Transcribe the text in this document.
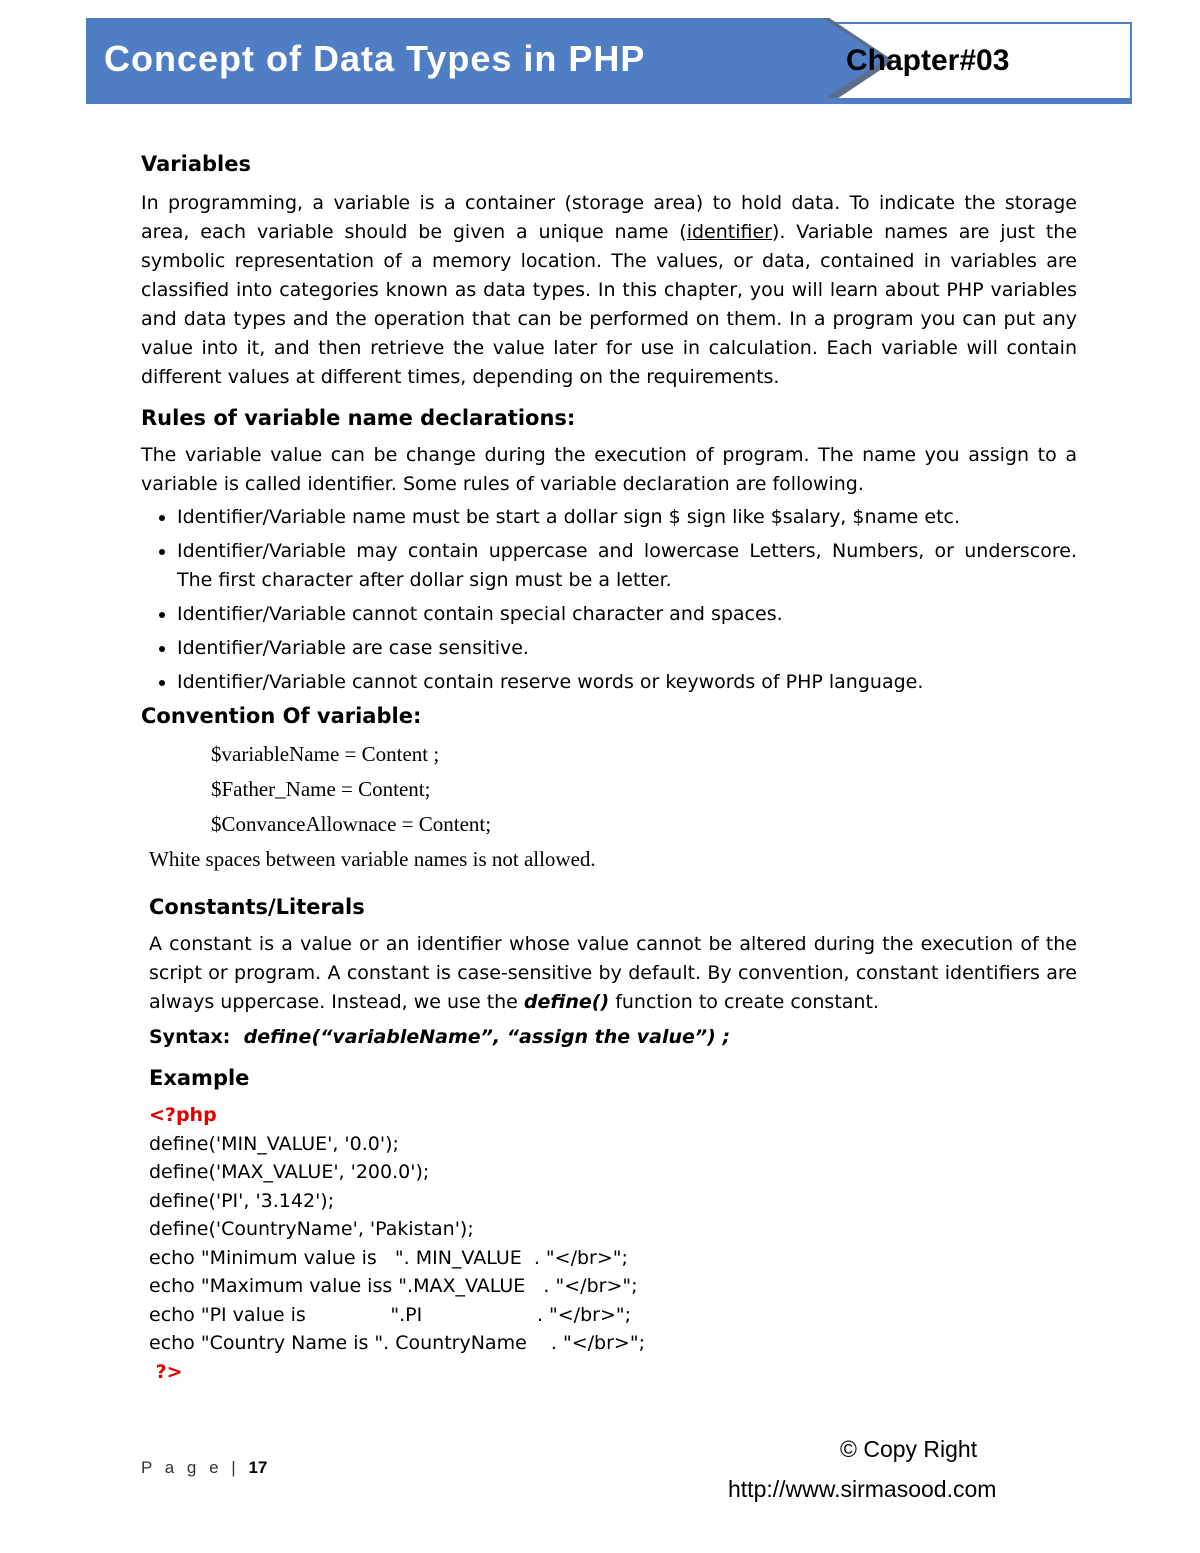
Concept of Data Types in PHP	Chapter#03

Variables

In programming, a variable is a container (storage area) to hold data. To indicate the storage area, each variable should be given a unique name (identifier). Variable names are just the symbolic representation of a memory location. The values, or data, contained in variables are classified into categories known as data types. In this chapter, you will learn about PHP variables and data types and the operation that can be performed on them. In a program you can put any value into it, and then retrieve the value later for use in calculation. Each variable will contain different values at different times, depending on the requirements.

Rules of variable name declarations:

The variable value can be change during the execution of program. The name you assign to a variable is called identifier. Some rules of variable declaration are following.

• Identifier/Variable name must be start a dollar sign $ sign like $salary, $name etc.
• Identifier/Variable may contain uppercase and lowercase Letters, Numbers, or underscore. The first character after dollar sign must be a letter.
• Identifier/Variable cannot contain special character and spaces.
• Identifier/Variable are case sensitive.
• Identifier/Variable cannot contain reserve words or keywords of PHP language.

Convention Of variable:

$variableName = Content ;
$Father_Name = Content;
$ConvanceAllownace = Content;
White spaces between variable names is not allowed.

Constants/Literals

A constant is a value or an identifier whose value cannot be altered during the execution of the script or program. A constant is case-sensitive by default. By convention, constant identifiers are always uppercase. Instead, we use the define() function to create constant.

Syntax: define(“variableName”, “assign the value”) ;

Example

<?php

define('MIN_VALUE', '0.0');

define('MAX_VALUE', '200.0');

define('PI', '3.142');

define('CountryName', 'Pakistan');

echo "Minimum value is   ". MIN_VALUE  . "</br>";

echo "Maximum value iss ".MAX_VALUE   . "</br>";

echo "PI value is              ".PI                   . "</br>";

echo "Country Name is ". CountryName    . "</br>";

?>

P a g e | 17
© Copy Right
http://www.sirmasood.com
